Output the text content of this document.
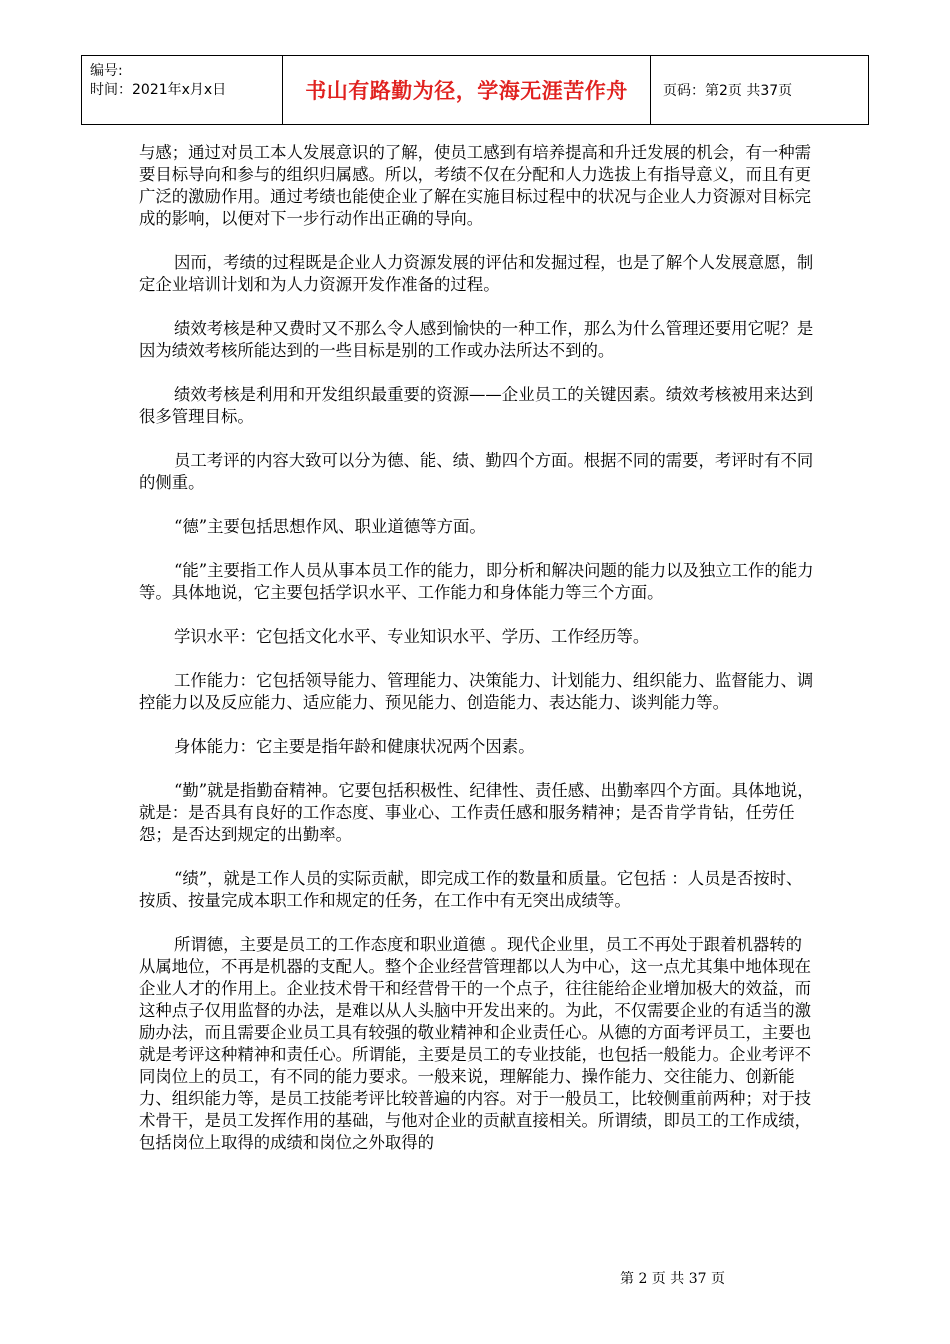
编号:
时间：2021年x月x日	书山有路勤为径，学海无涯苦作舟	页码：第2页 共37页

与感；通过对员工本人发展意识的了解，使员工感到有培养提高和升迁发展的机会，有一种需要目标导向和参与的组织归属感。所以，考绩不仅在分配和人力选拔上有指导意义，而且有更广泛的激励作用。通过考绩也能使企业了解在实施目标过程中的状况与企业人力资源对目标完成的影响，以便对下一步行动作出正确的导向。

因而，考绩的过程既是企业人力资源发展的评估和发掘过程，也是了解个人发展意愿，制定企业培训计划和为人力资源开发作准备的过程。

绩效考核是种又费时又不那么令人感到愉快的一种工作，那么为什么管理还要用它呢？是因为绩效考核所能达到的一些目标是别的工作或办法所达不到的。

绩效考核是利用和开发组织最重要的资源——企业员工的关键因素。绩效考核被用来达到很多管理目标。

员工考评的内容大致可以分为德、能、绩、勤四个方面。根据不同的需要，考评时有不同的侧重。

“德”主要包括思想作风、职业道德等方面。

“能”主要指工作人员从事本员工作的能力，即分析和解决问题的能力以及独立工作的能力等。具体地说，它主要包括学识水平、工作能力和身体能力等三个方面。

学识水平：它包括文化水平、专业知识水平、学历、工作经历等。

工作能力：它包括领导能力、管理能力、决策能力、计划能力、组织能力、监督能力、调控能力以及反应能力、适应能力、预见能力、创造能力、表达能力、谈判能力等。

身体能力：它主要是指年龄和健康状况两个因素。

“勤”就是指勤奋精神。它要包括积极性、纪律性、责任感、出勤率四个方面。具体地说，就是：是否具有良好的工作态度、事业心、工作责任感和服务精神；是否肯学肯钻，任劳任怨；是否达到规定的出勤率。

“绩”，就是工作人员的实际贡献，即完成工作的数量和质量。它包括 ：人员是否按时、按质、按量完成本职工作和规定的任务，在工作中有无突出成绩等。

所谓德，主要是员工的工作态度和职业道德 。现代企业里，员工不再处于跟着机器转的从属地位，不再是机器的支配人。整个企业经营管理都以人为中心，这一点尤其集中地体现在企业人才的作用上。企业技术骨干和经营骨干的一个点子，往往能给企业增加极大的效益，而这种点子仅用监督的办法，是难以从人头脑中开发出来的。为此，不仅需要企业的有适当的激励办法，而且需要企业员工具有较强的敬业精神和企业责任心。从德的方面考评员工，主要也就是考评这种精神和责任心。所谓能，主要是员工的专业技能，也包括一般能力。企业考评不同岗位上的员工，有不同的能力要求。一般来说，理解能力、操作能力、交往能力、创新能力、组织能力等，是员工技能考评比较普遍的内容。对于一般员工，比较侧重前两种；对于技术骨干，是员工发挥作用的基础，与他对企业的贡献直接相关。所谓绩，即员工的工作成绩，包括岗位上取得的成绩和岗位之外取得的

第 2 页 共 37 页
